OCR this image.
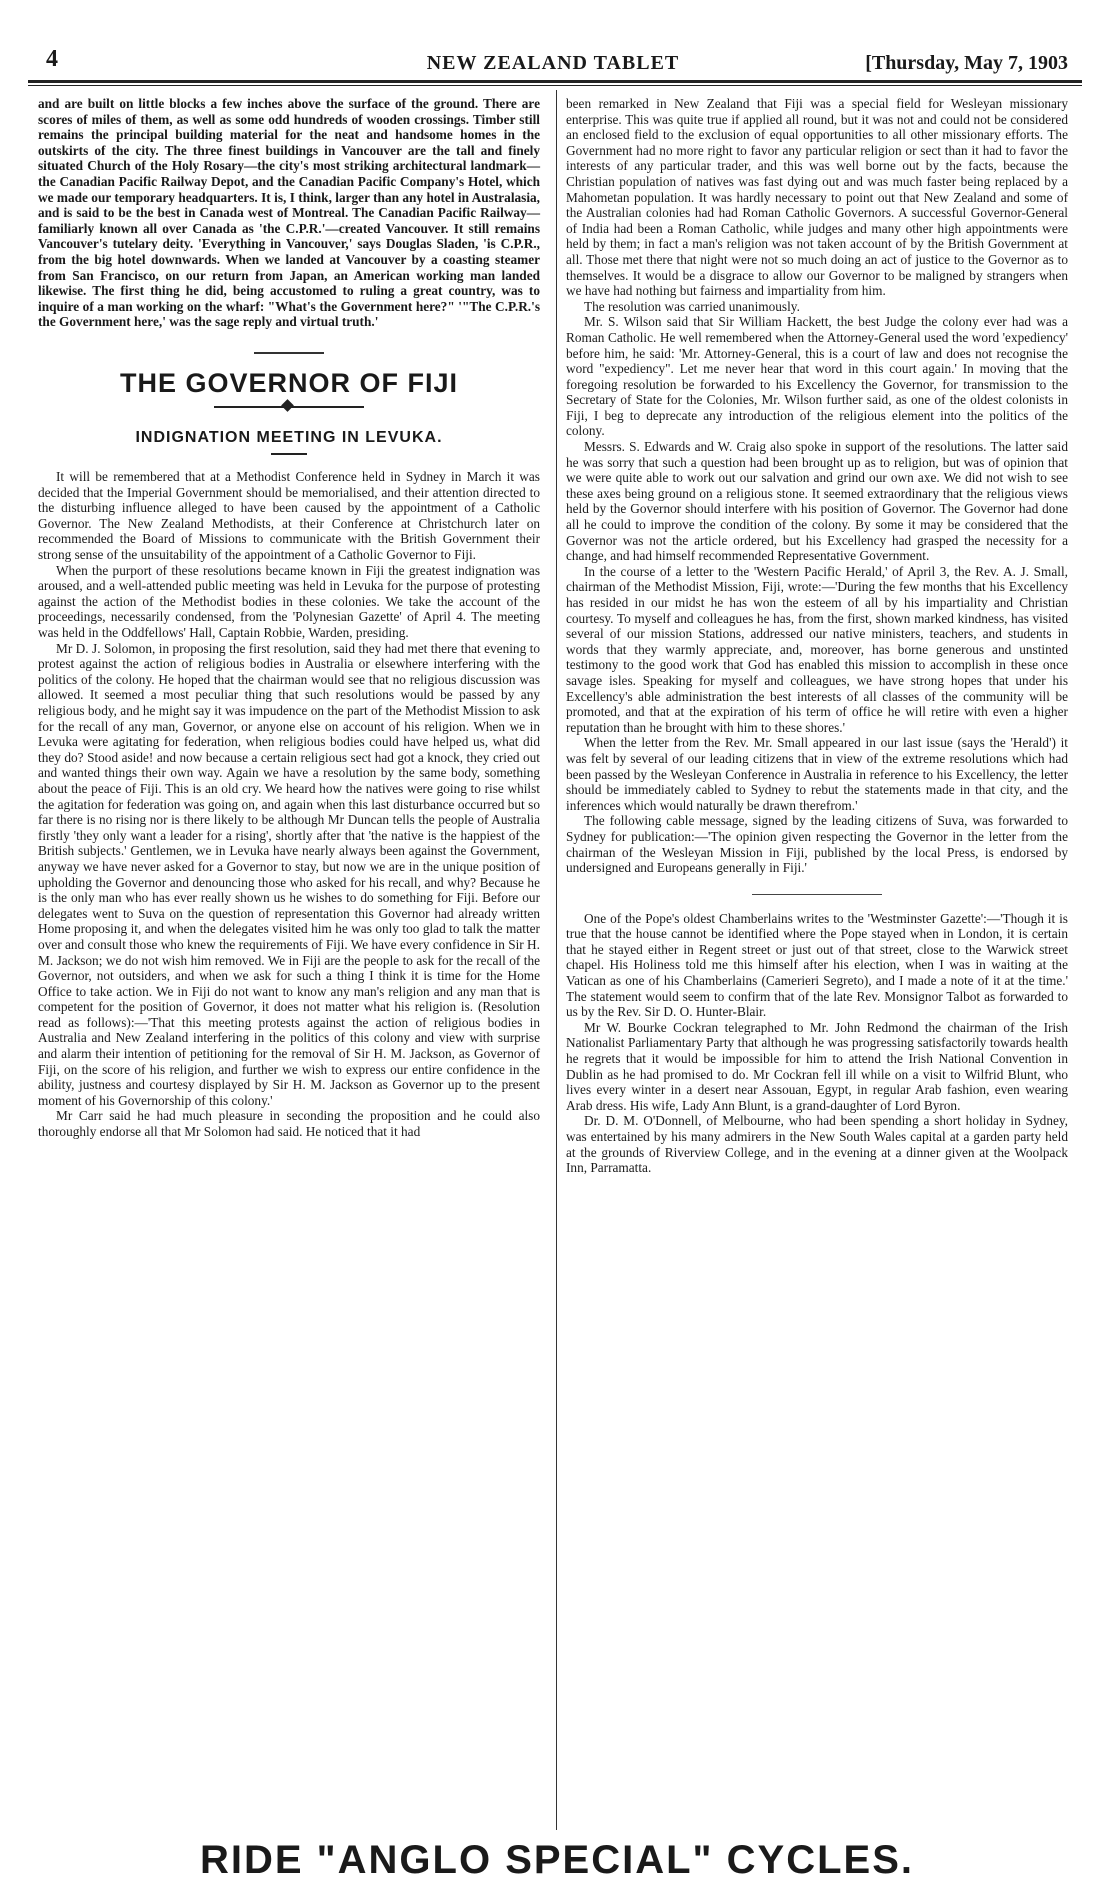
4	NEW ZEALAND TABLET	[Thursday, May 7, 1903

and are built on little blocks a few inches above the surface of the ground. There are scores of miles of them, as well as some odd hundreds of wooden crossings. Timber still remains the principal building material for the neat and handsome homes in the outskirts of the city. The three finest buildings in Vancouver are the tall and finely situated Church of the Holy Rosary—the city's most striking architectural landmark—the Canadian Pacific Railway Depot, and the Canadian Pacific Company's Hotel, which we made our temporary headquarters. It is, I think, larger than any hotel in Australasia, and is said to be the best in Canada west of Montreal. The Canadian Pacific Railway—familiarly known all over Canada as 'the C.P.R.'—created Vancouver. It still remains Vancouver's tutelary deity. 'Everything in Vancouver,' says Douglas Sladen, 'is C.P.R., from the big hotel downwards. When we landed at Vancouver by a coasting steamer from San Francisco, on our return from Japan, an American working man landed likewise. The first thing he did, being accustomed to ruling a great country, was to inquire of a man working on the wharf: "What's the Government here?" '"The C.P.R.'s the Government here,' was the sage reply and virtual truth.'

THE GOVERNOR OF FIJI
INDIGNATION MEETING IN LEVUKA.

It will be remembered that at a Methodist Conference held in Sydney in March it was decided that the Imperial Government should be memorialised, and their attention directed to the disturbing influence alleged to have been caused by the appointment of a Catholic Governor. The New Zealand Methodists, at their Conference at Christchurch later on recommended the Board of Missions to communicate with the British Government their strong sense of the unsuitability of the appointment of a Catholic Governor to Fiji.

When the purport of these resolutions became known in Fiji the greatest indignation was aroused, and a well-attended public meeting was held in Levuka for the purpose of protesting against the action of the Methodist bodies in these colonies. We take the account of the proceedings, necessarily condensed, from the 'Polynesian Gazette' of April 4. The meeting was held in the Oddfellows' Hall, Captain Robbie, Warden, presiding.

Mr D. J. Solomon, in proposing the first resolution, said they had met there that evening to protest against the action of religious bodies in Australia or elsewhere interfering with the politics of the colony. He hoped that the chairman would see that no religious discussion was allowed. It seemed a most peculiar thing that such resolutions would be passed by any religious body, and he might say it was impudence on the part of the Methodist Mission to ask for the recall of any man, Governor, or anyone else on account of his religion. When we in Levuka were agitating for federation, when religious bodies could have helped us, what did they do? Stood aside! and now because a certain religious sect had got a knock, they cried out and wanted things their own way. Again we have a resolution by the same body, something about the peace of Fiji. This is an old cry. We heard how the natives were going to rise whilst the agitation for federation was going on, and again when this last disturbance occurred but so far there is no rising nor is there likely to be although Mr Duncan tells the people of Australia firstly 'they only want a leader for a rising', shortly after that 'the native is the happiest of the British subjects.' Gentlemen, we in Levuka have nearly always been against the Government, anyway we have never asked for a Governor to stay, but now we are in the unique position of upholding the Governor and denouncing those who asked for his recall, and why? Because he is the only man who has ever really shown us he wishes to do something for Fiji. Before our delegates went to Suva on the question of representation this Governor had already written Home proposing it, and when the delegates visited him he was only too glad to talk the matter over and consult those who knew the requirements of Fiji. We have every confidence in Sir H. M. Jackson; we do not wish him removed. We in Fiji are the people to ask for the recall of the Governor, not outsiders, and when we ask for such a thing I think it is time for the Home Office to take action. We in Fiji do not want to know any man's religion and any man that is competent for the position of Governor, it does not matter what his religion is. (Resolution read as follows):—'That this meeting protests against the action of religious bodies in Australia and New Zealand interfering in the politics of this colony and view with surprise and alarm their intention of petitioning for the removal of Sir H. M. Jackson, as Governor of Fiji, on the score of his religion, and further we wish to express our entire confidence in the ability, justness and courtesy displayed by Sir H. M. Jackson as Governor up to the present moment of his Governorship of this colony.'

Mr Carr said he had much pleasure in seconding the proposition and he could also thoroughly endorse all that Mr Solomon had said. He noticed that it had

been remarked in New Zealand that Fiji was a special field for Wesleyan missionary enterprise. This was quite true if applied all round, but it was not and could not be considered an enclosed field to the exclusion of equal opportunities to all other missionary efforts. The Government had no more right to favor any particular religion or sect than it had to favor the interests of any particular trader, and this was well borne out by the facts, because the Christian population of natives was fast dying out and was much faster being replaced by a Mahometan population. It was hardly necessary to point out that New Zealand and some of the Australian colonies had had Roman Catholic Governors. A successful Governor-General of India had been a Roman Catholic, while judges and many other high appointments were held by them; in fact a man's religion was not taken account of by the British Government at all. Those met there that night were not so much doing an act of justice to the Governor as to themselves. It would be a disgrace to allow our Governor to be maligned by strangers when we have had nothing but fairness and impartiality from him.

The resolution was carried unanimously.

Mr. S. Wilson said that Sir William Hackett, the best Judge the colony ever had was a Roman Catholic. He well remembered when the Attorney-General used the word 'expediency' before him, he said: 'Mr. Attorney-General, this is a court of law and does not recognise the word "expediency". Let me never hear that word in this court again.' In moving that the foregoing resolution be forwarded to his Excellency the Governor, for transmission to the Secretary of State for the Colonies, Mr. Wilson further said, as one of the oldest colonists in Fiji, I beg to deprecate any introduction of the religious element into the politics of the colony.

Messrs. S. Edwards and W. Craig also spoke in support of the resolutions. The latter said he was sorry that such a question had been brought up as to religion, but was of opinion that we were quite able to work out our salvation and grind our own axe. We did not wish to see these axes being ground on a religious stone. It seemed extraordinary that the religious views held by the Governor should interfere with his position of Governor. The Governor had done all he could to improve the condition of the colony. By some it may be considered that the Governor was not the article ordered, but his Excellency had grasped the necessity for a change, and had himself recommended Representative Government.

In the course of a letter to the 'Western Pacific Herald,' of April 3, the Rev. A. J. Small, chairman of the Methodist Mission, Fiji, wrote:—'During the few months that his Excellency has resided in our midst he has won the esteem of all by his impartiality and Christian courtesy. To myself and colleagues he has, from the first, shown marked kindness, has visited several of our mission Stations, addressed our native ministers, teachers, and students in words that they warmly appreciate, and, moreover, has borne generous and unstinted testimony to the good work that God has enabled this mission to accomplish in these once savage isles. Speaking for myself and colleagues, we have strong hopes that under his Excellency's able administration the best interests of all classes of the community will be promoted, and that at the expiration of his term of office he will retire with even a higher reputation than he brought with him to these shores.'

When the letter from the Rev. Mr. Small appeared in our last issue (says the 'Herald') it was felt by several of our leading citizens that in view of the extreme resolutions which had been passed by the Wesleyan Conference in Australia in reference to his Excellency, the letter should be immediately cabled to Sydney to rebut the statements made in that city, and the inferences which would naturally be drawn therefrom.'

The following cable message, signed by the leading citizens of Suva, was forwarded to Sydney for publication:—'The opinion given respecting the Governor in the letter from the chairman of the Wesleyan Mission in Fiji, published by the local Press, is endorsed by undersigned and Europeans generally in Fiji.'

One of the Pope's oldest Chamberlains writes to the 'Westminster Gazette':—'Though it is true that the house cannot be identified where the Pope stayed when in London, it is certain that he stayed either in Regent street or just out of that street, close to the Warwick street chapel. His Holiness told me this himself after his election, when I was in waiting at the Vatican as one of his Chamberlains (Camerieri Segreto), and I made a note of it at the time.' The statement would seem to confirm that of the late Rev. Monsignor Talbot as forwarded to us by the Rev. Sir D. O. Hunter-Blair.

Mr W. Bourke Cockran telegraphed to Mr. John Redmond the chairman of the Irish Nationalist Parliamentary Party that although he was progressing satisfactorily towards health he regrets that it would be impossible for him to attend the Irish National Convention in Dublin as he had promised to do. Mr Cockran fell ill while on a visit to Wilfrid Blunt, who lives every winter in a desert near Assouan, Egypt, in regular Arab fashion, even wearing Arab dress. His wife, Lady Ann Blunt, is a grand-daughter of Lord Byron.

Dr. D. M. O'Donnell, of Melbourne, who had been spending a short holiday in Sydney, was entertained by his many admirers in the New South Wales capital at a garden party held at the grounds of Riverview College, and in the evening at a dinner given at the Woolpack Inn, Parramatta.

RIDE "ANGLO SPECIAL" CYCLES.
